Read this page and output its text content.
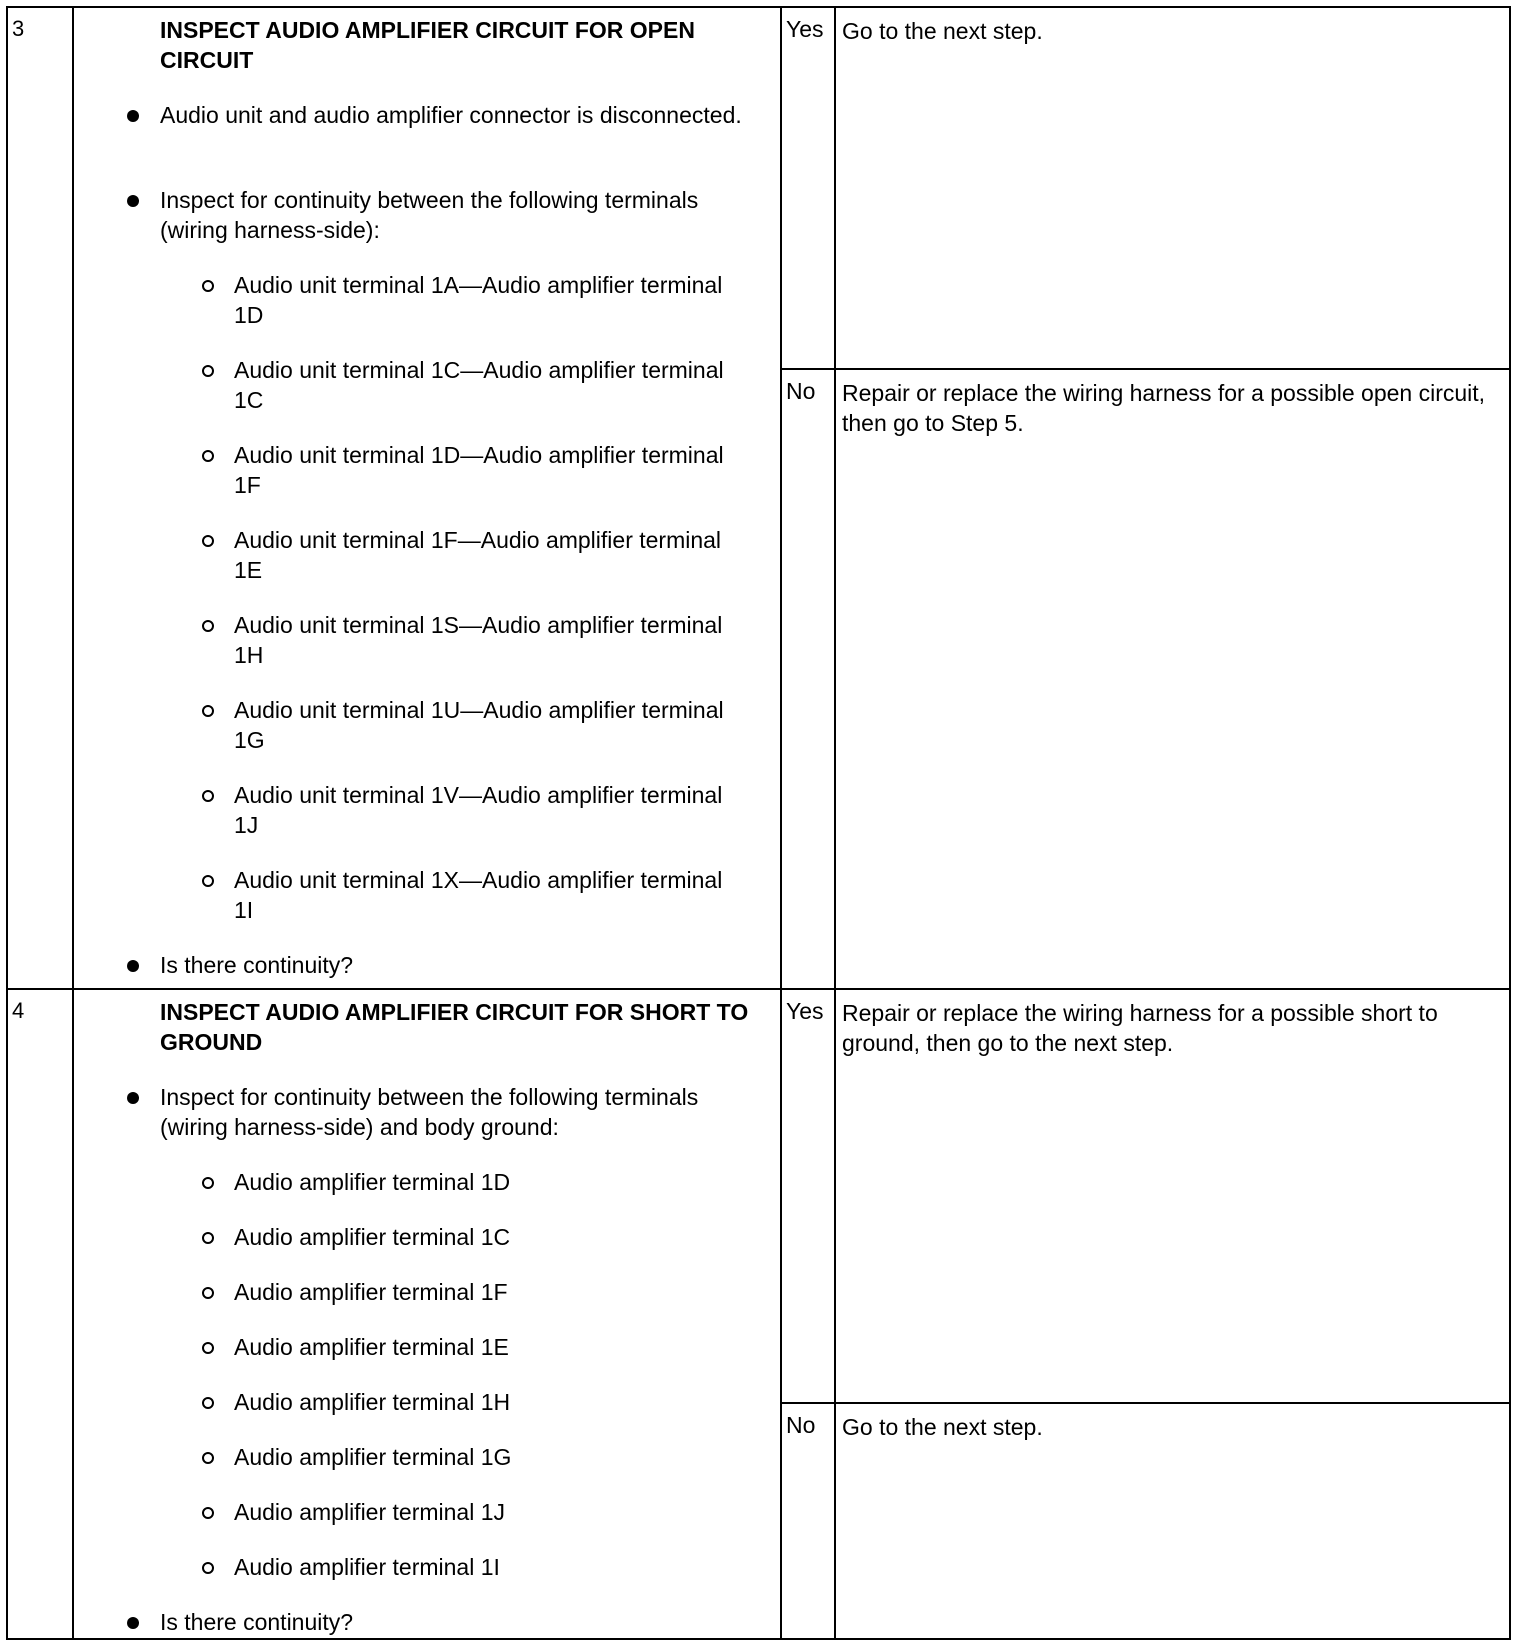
3	INSPECT AUDIO AMPLIFIER CIRCUIT FOR OPEN CIRCUIT
Audio unit and audio amplifier connector is disconnected.
Inspect for continuity between the following terminals (wiring harness-side):
Audio unit terminal 1A—Audio amplifier terminal 1D
Audio unit terminal 1C—Audio amplifier terminal 1C
Audio unit terminal 1D—Audio amplifier terminal 1F
Audio unit terminal 1F—Audio amplifier terminal 1E
Audio unit terminal 1S—Audio amplifier terminal 1H
Audio unit terminal 1U—Audio amplifier terminal 1G
Audio unit terminal 1V—Audio amplifier terminal 1J
Audio unit terminal 1X—Audio amplifier terminal 1I
Is there continuity?
Yes Go to the next step.
No	Repair or replace the wiring harness for a possible open circuit, then go to Step 5.
4	INSPECT AUDIO AMPLIFIER CIRCUIT FOR SHORT TO GROUND
Inspect for continuity between the following terminals (wiring harness-side) and body ground:
Audio amplifier terminal 1D
Audio amplifier terminal 1C
Audio amplifier terminal 1F
Audio amplifier terminal 1E
Audio amplifier terminal 1H
Audio amplifier terminal 1G
Audio amplifier terminal 1J
Audio amplifier terminal 1I
Is there continuity?
Yes Repair or replace the wiring harness for a possible short to ground, then go to the next step.
No	Go to the next step.
